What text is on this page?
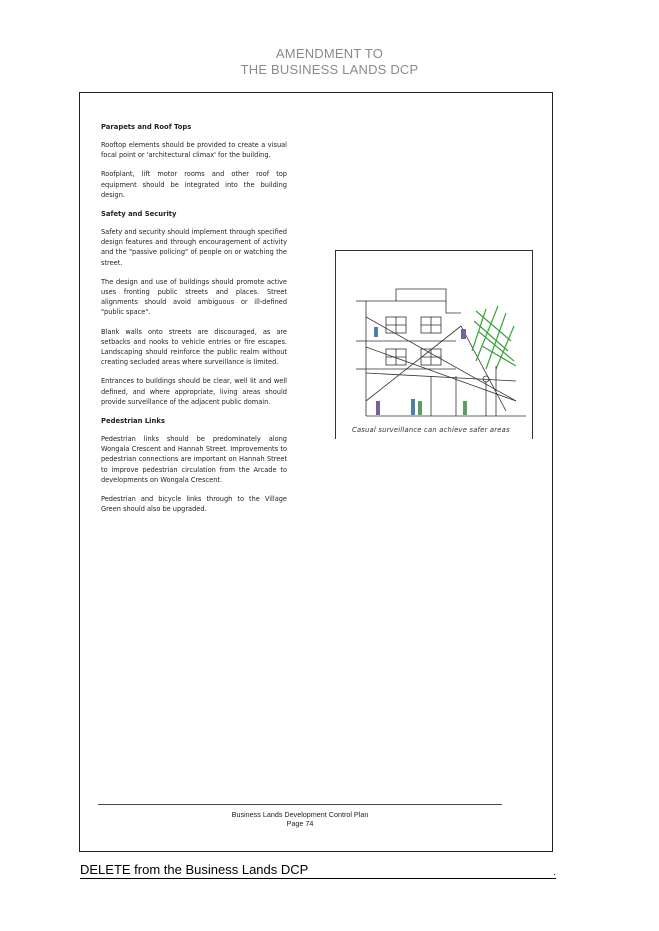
AMENDMENT TO
THE BUSINESS LANDS DCP
Parapets and Roof Tops

Rooftop elements should be provided to create a visual focal point or 'architectural climax' for the building.

Roofplant, lift motor rooms and other roof top equipment should be integrated into the building design.

Safety and Security

Safety and security should implement through specified design features and through encouragement of activity and the "passive policing" of people on or watching the street.

The design and use of buildings should promote active uses fronting public streets and places. Street alignments should avoid ambiguous or ill-defined "public space".

Blank walls onto streets are discouraged, as are setbacks and nooks to vehicle entries or fire escapes. Landscaping should reinforce the public realm without creating secluded areas where surveillance is limited.

Entrances to buildings should be clear, well lit and well defined, and where appropriate, living areas should provide surveillance of the adjacent public domain.

Pedestrian Links

Pedestrian links should be predominately along Wongala Crescent and Hannah Street. Improvements to pedestrian connections are important on Hannah Street to improve pedestrian circulation from the Arcade to developments on Wongala Crescent.

Pedestrian and bicycle links through to the Village Green should also be upgraded.

Casual surveillance can achieve safer areas
Business Lands Development Control Plan
Page 74
DELETE from the Business Lands DCP	.
